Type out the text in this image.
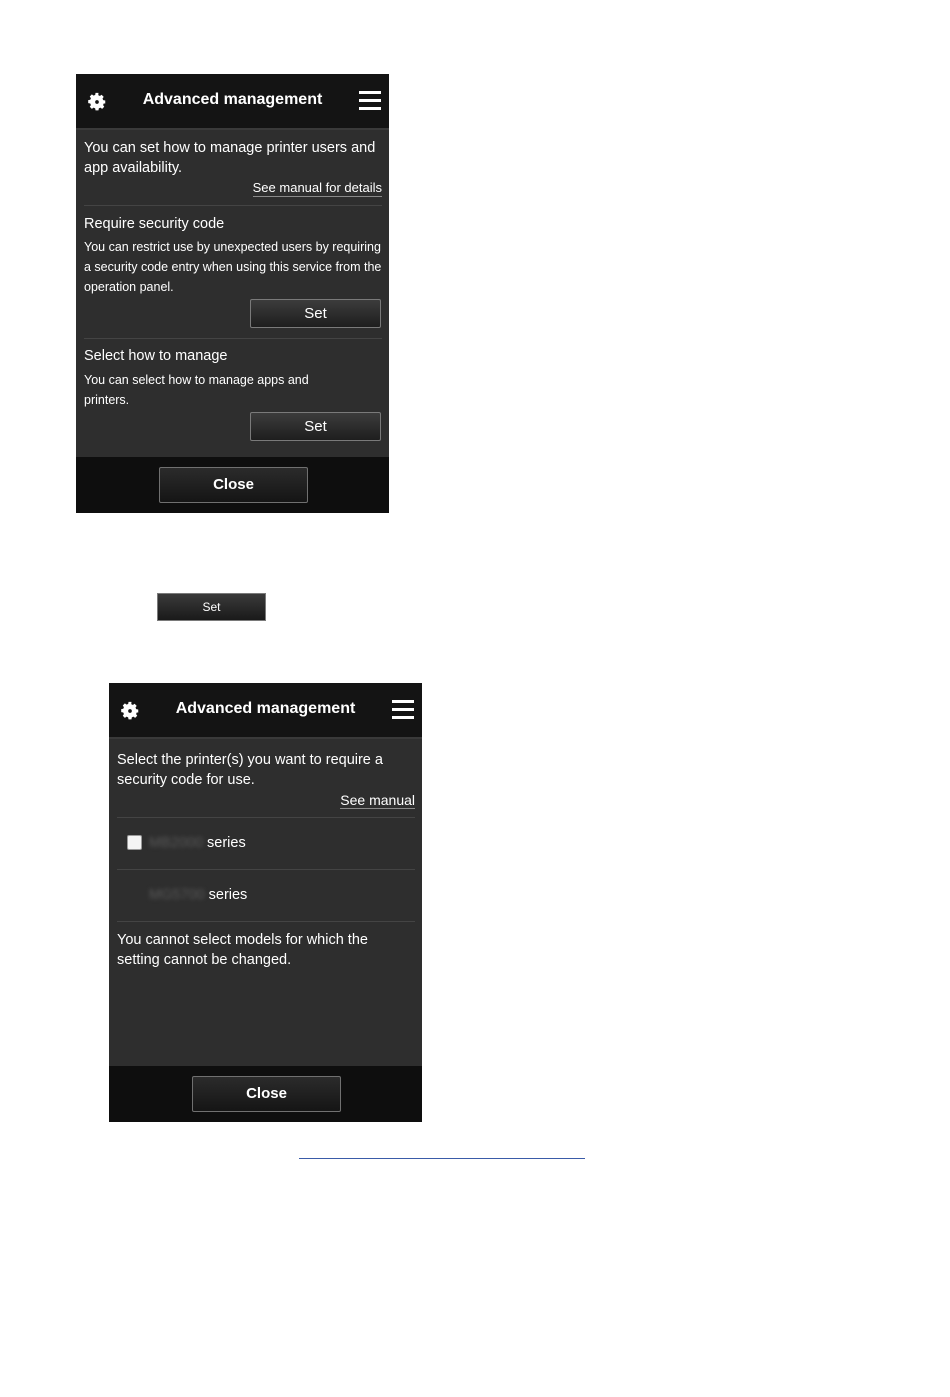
Advanced management
You can set how to manage printer users and app availability.
See manual for details
Require security code
You can restrict use by unexpected users by requiring a security code entry when using this service from the operation panel.
Set
Select how to manage
You can select how to manage apps and printers.
Set
Close
Set
Advanced management
Select the printer(s) you want to require a security code for use.
See manual
MB2000 series
MG5700 series
You cannot select models for which the setting cannot be changed.
Close
